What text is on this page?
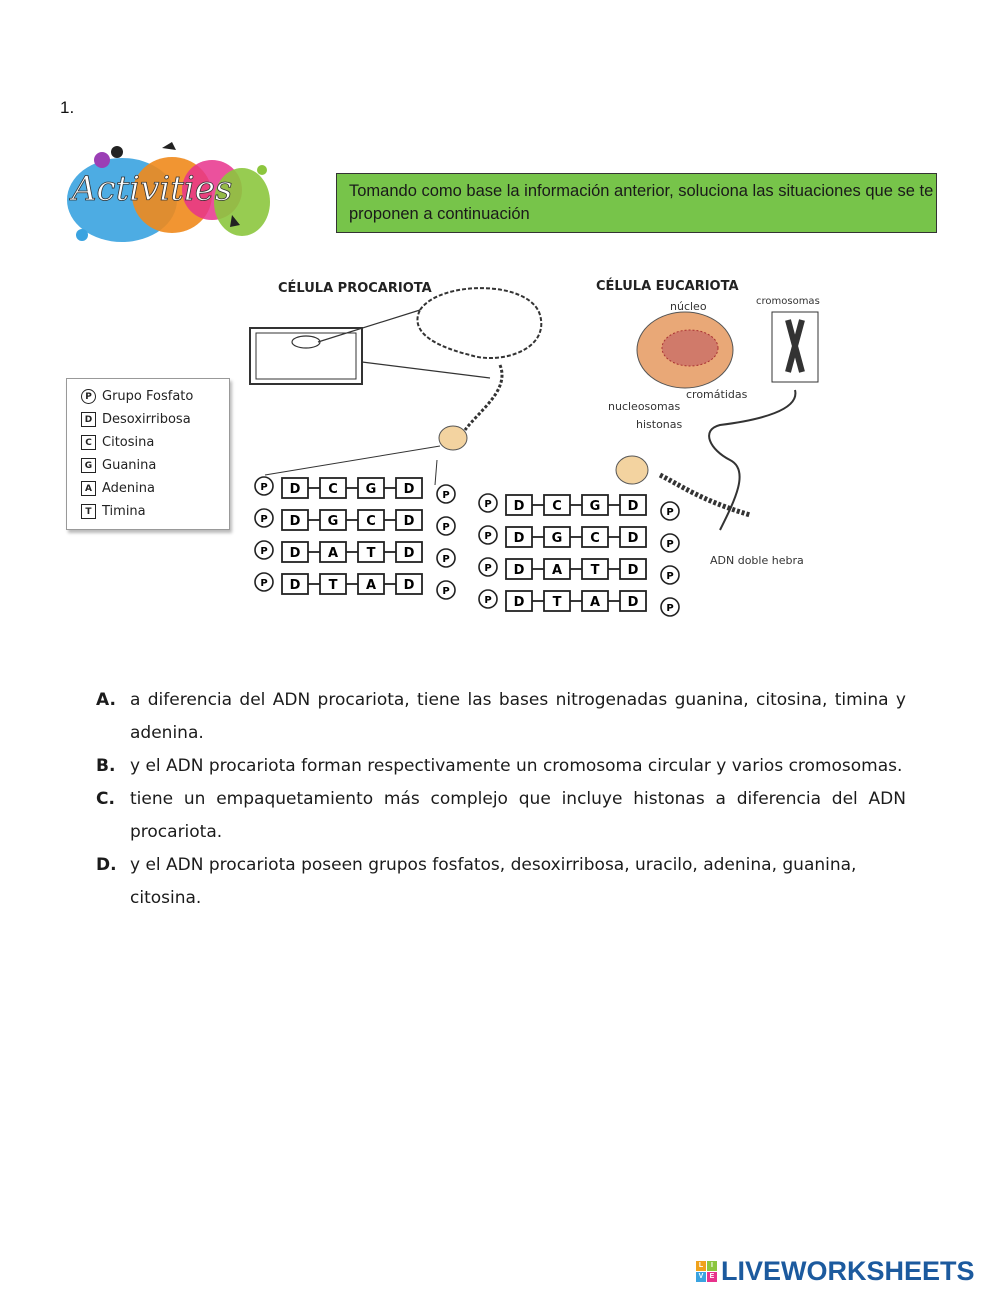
1.
Activities	Tomando como base la información anterior, soluciona las situaciones que se te proponen a continuación
CÉLULA PROCARIOTA	CÉLULA EUCARIOTA
núcleo	cromosomas
cromátidas
nucleosomas
histonas
ADN doble hebra
P
P
D C G D
P
P
D G C D
P
P
D A T D
P
P
D T A D
P
P
D C G D
P
P
D G C D
P
P
D A T D
P
P
D T A D
P Grupo Fosfato
D Desoxirribosa
C Citosina
G Guanina
A Adenina
T Timina
A. a diferencia del ADN procariota, tiene las bases nitrogenadas guanina, citosina, timina y adenina.
B. y el ADN procariota forman respectivamente un cromosoma circular y varios cromosomas.
C. tiene un empaquetamiento más complejo que incluye histonas a diferencia del ADN procariota.
D. y el ADN procariota poseen grupos fosfatos, desoxirribosa, uracilo, adenina, guanina, citosina.
L	I
V E LIVEWORKSHEETS
